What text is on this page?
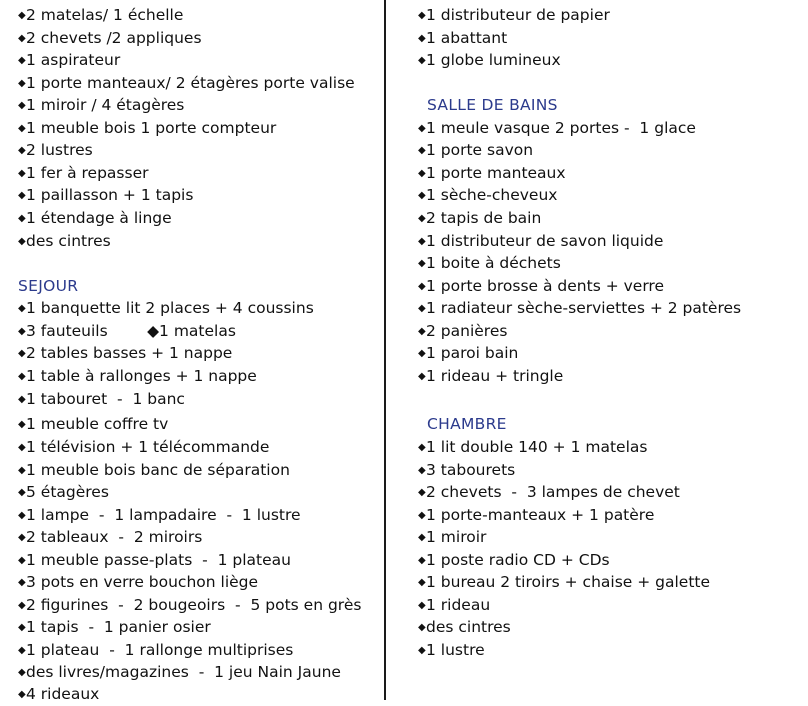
◆2 matelas/ 1 échelle
◆2 chevets /2 appliques
◆1 aspirateur
◆1 porte manteaux/ 2 étagères porte valise
◆1 miroir / 4 étagères
◆1 meuble bois 1 porte compteur
◆2 lustres
◆1 fer à repasser
◆1 paillasson + 1 tapis
◆1 étendage à linge
◆des cintres
SEJOUR
◆1 banquette lit 2 places + 4 coussins
◆3 fauteuils        ◆1 matelas
◆2 tables basses + 1 nappe
◆1 table à rallonges + 1 nappe
◆1 tabouret  -  1 banc
◆1 meuble coffre tv
◆1 télévision + 1 télécommande
◆1 meuble bois banc de séparation
◆5 étagères
◆1 lampe  -  1 lampadaire  -  1 lustre
◆2 tableaux  -  2 miroirs
◆1 meuble passe-plats  -  1 plateau
◆3 pots en verre bouchon liège
◆2 figurines  -  2 bougeoirs  -  5 pots en grès
◆1 tapis  -  1 panier osier
◆1 plateau  -  1 rallonge multiprises
◆des livres/magazines  -  1 jeu Nain Jaune
◆4 rideaux
◆1 distributeur de papier
◆1 abattant
◆1 globe lumineux
SALLE DE BAINS
◆1 meule vasque 2 portes -  1 glace
◆1 porte savon
◆1 porte manteaux
◆1 sèche-cheveux
◆2 tapis de bain
◆1 distributeur de savon liquide
◆1 boite à déchets
◆1 porte brosse à dents + verre
◆1 radiateur sèche-serviettes + 2 patères
◆2 panières
◆1 paroi bain
◆1 rideau + tringle
CHAMBRE
◆1 lit double 140 + 1 matelas
◆3 tabourets
◆2 chevets  -  3 lampes de chevet
◆1 porte-manteaux + 1 patère
◆1 miroir
◆1 poste radio CD + CDs
◆1 bureau 2 tiroirs + chaise + galette
◆1 rideau
◆des cintres
◆1 lustre
